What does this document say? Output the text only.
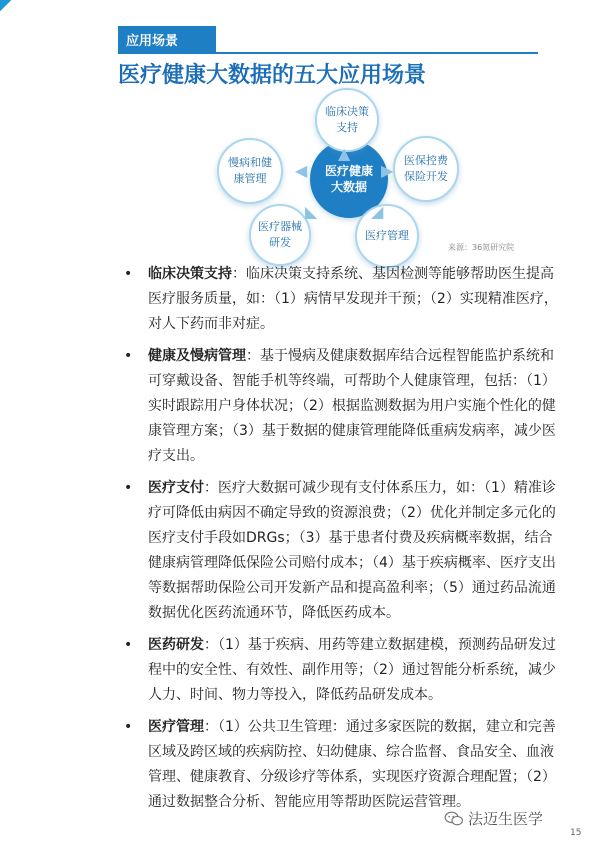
应用场景
医疗健康大数据的五大应用场景
医疗健康
大数据
临床决策
支持
医保控费
保险开发
医疗管理
医疗器械
研发
慢病和健
康管理
▲
▶
◢
◣
◀
来源：36氪研究院
• 临床决策支持：临床决策支持系统、基因检测等能够帮助医生提高医疗服务质量，如：（1）病情早发现并干预；（2）实现精准医疗，对人下药而非对症。
• 健康及慢病管理：基于慢病及健康数据库结合远程智能监护系统和可穿戴设备、智能手机等终端，可帮助个人健康管理，包括：（1）实时跟踪用户身体状况；（2）根据监测数据为用户实施个性化的健康管理方案；（3）基于数据的健康管理能降低重病发病率，减少医疗支出。
• 医疗支付：医疗大数据可减少现有支付体系压力，如：（1）精准诊疗可降低由病因不确定导致的资源浪费；（2）优化并制定多元化的医疗支付手段如DRGs；（3）基于患者付费及疾病概率数据，结合健康病管理降低保险公司赔付成本；（4）基于疾病概率、医疗支出等数据帮助保险公司开发新产品和提高盈利率；（5）通过药品流通数据优化医药流通环节，降低医药成本。
• 医药研发：（1）基于疾病、用药等建立数据建模，预测药品研发过程中的安全性、有效性、副作用等；（2）通过智能分析系统，减少人力、时间、物力等投入，降低药品研发成本。
• 医疗管理：（1）公共卫生管理：通过多家医院的数据，建立和完善区域及跨区域的疾病防控、妇幼健康、综合监督、食品安全、血液管理、健康教育、分级诊疗等体系，实现医疗资源合理配置；（2）通过数据整合分析、智能应用等帮助医院运营管理。
法迈生医学
15
